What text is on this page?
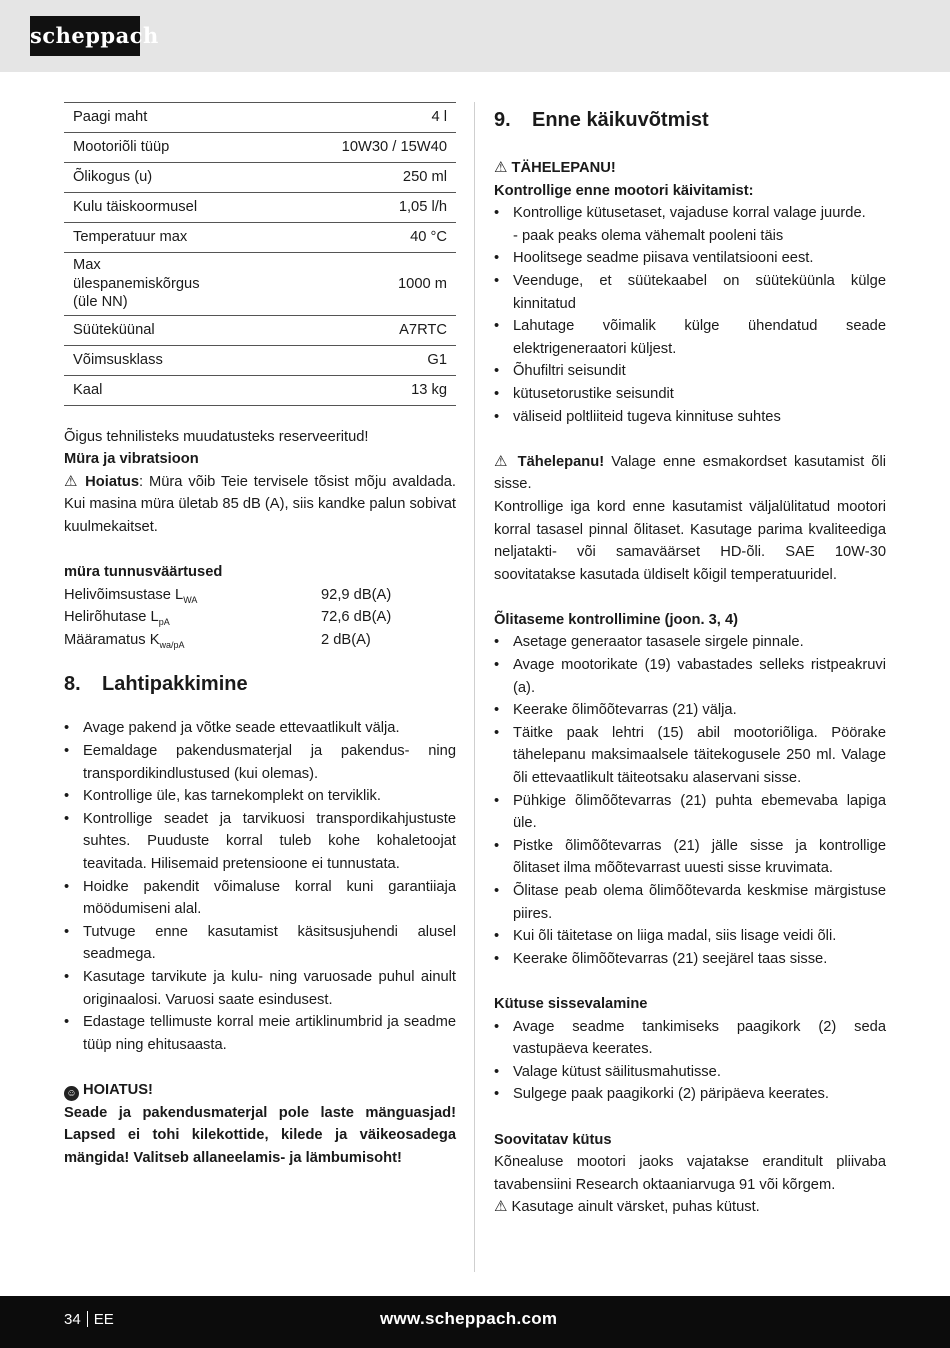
scheppach
Paagi maht	4 l
Mootoriõli tüüp	10W30 / 15W40
Õlikogus (u)	250 ml
Kulu täiskoormusel	1,05 l/h
Temperatuur max	40 °C
Max ülespanemiskõrgus (üle NN)	1000 m
Süüteküünal	A7RTC
Võimsusklass	G1
Kaal	13 kg

Õigus tehnilisteks muudatusteks reserveeritud!

Müra ja vibratsioon

⚠ Hoiatus: Müra võib Teie tervisele tõsist mõju avaldada. Kui masina müra ületab 85 dB (A), siis kandke palun sobivat kuulmekaitset.

müra tunnusväärtused

Helivõimsustase $L_{WA}$	92,9 dB(A)
Helirõhutase $L_{pA}$	72,6 dB(A)
Määramatus $K_{wa/pA}$	2 dB(A)
8. Lahtipakkimine
• Avage pakend ja võtke seade ettevaatlikult välja.
• Eemaldage pakendusmaterjal ja pakendus- ning transpordikindlustused (kui olemas).
• Kontrollige üle, kas tarnekomplekt on terviklik.
• Kontrollige seadet ja tarvikuosi transpordikahjustuste suhtes. Puuduste korral tuleb kohe kohaletoojat teavitada. Hilisemaid pretensioone ei tunnustata.
• Hoidke pakendit võimaluse korral kuni garantiiaja möödumiseni alal.
• Tutvuge enne kasutamist käsitsusjuhendi alusel seadmega.
• Kasutage tarvikute ja kulu- ning varuosade puhul ainult originaalosi. Varuosi saate esindusest.
• Edastage tellimuste korral meie artiklinumbrid ja seadme tüüp ning ehitusaasta.

☺ HOIATUS!

Seade ja pakendusmaterjal pole laste mänguasjad! Lapsed ei tohi kilekottide, kilede ja väikeosadega mängida! Valitseb allaneelamis- ja lämbumisoht!

9. Enne käikuvõtmist

⚠ TÄHELEPANU!

Kontrollige enne mootori käivitamist:

• Kontrollige kütusetaset, vajaduse korral valage juurde.
- paak peaks olema vähemalt pooleni täis
• Hoolitsege seadme piisava ventilatsiooni eest.
• Veenduge, et süütekaabel on süüteküünla külge kinnitatud
• Lahutage võimalik külge ühendatud seade elektrigeneraatori küljest.
• Õhufiltri seisundit
• kütusetorustike seisundit
• väliseid poltliiteid tugeva kinnituse suhtes

⚠ Tähelepanu! Valage enne esmakordset kasutamist õli sisse.

Kontrollige iga kord enne kasutamist väljalülitatud mootori korral tasasel pinnal õlitaset. Kasutage parima kvaliteediga neljatakti- või samaväärset HD-õli. SAE 10W-30 soovitatakse kasutada üldiselt kõigil temperatuuridel.

Õlitaseme kontrollimine (joon. 3, 4)

• Asetage generaator tasasele sirgele pinnale.
• Avage mootorikate (19) vabastades selleks ristpeakruvi (a).
• Keerake õlimõõtevarras (21) välja.
• Täitke paak lehtri (15) abil mootoriõliga. Pöörake tähelepanu maksimaalsele täitekogusele 250 ml. Valage õli ettevaatlikult täiteotsaku alaservani sisse.
• Pühkige õlimõõtevarras (21) puhta ebemevaba lapiga üle.
• Pistke õlimõõtevarras (21) jälle sisse ja kontrollige õlitaset ilma mõõtevarrast uuesti sisse kruvimata.
• Õlitase peab olema õlimõõtevarda keskmise märgistuse piires.
• Kui õli täitetase on liiga madal, siis lisage veidi õli.
• Keerake õlimõõtevarras (21) seejärel taas sisse.

Kütuse sissevalamine

• Avage seadme tankimiseks paagikork (2) seda vastupäeva keerates.
• Valage kütust säilitusmahutisse.
• Sulgege paak paagikorki (2) päripäeva keerates.

Soovitatav kütus

Kõnealuse mootori jaoks vajatakse eranditult pliivaba tavabensiini Research oktaaniarvuga 91 või kõrgem.

⚠ Kasutage ainult värsket, puhas kütust.

34 EE	www.scheppach.com
